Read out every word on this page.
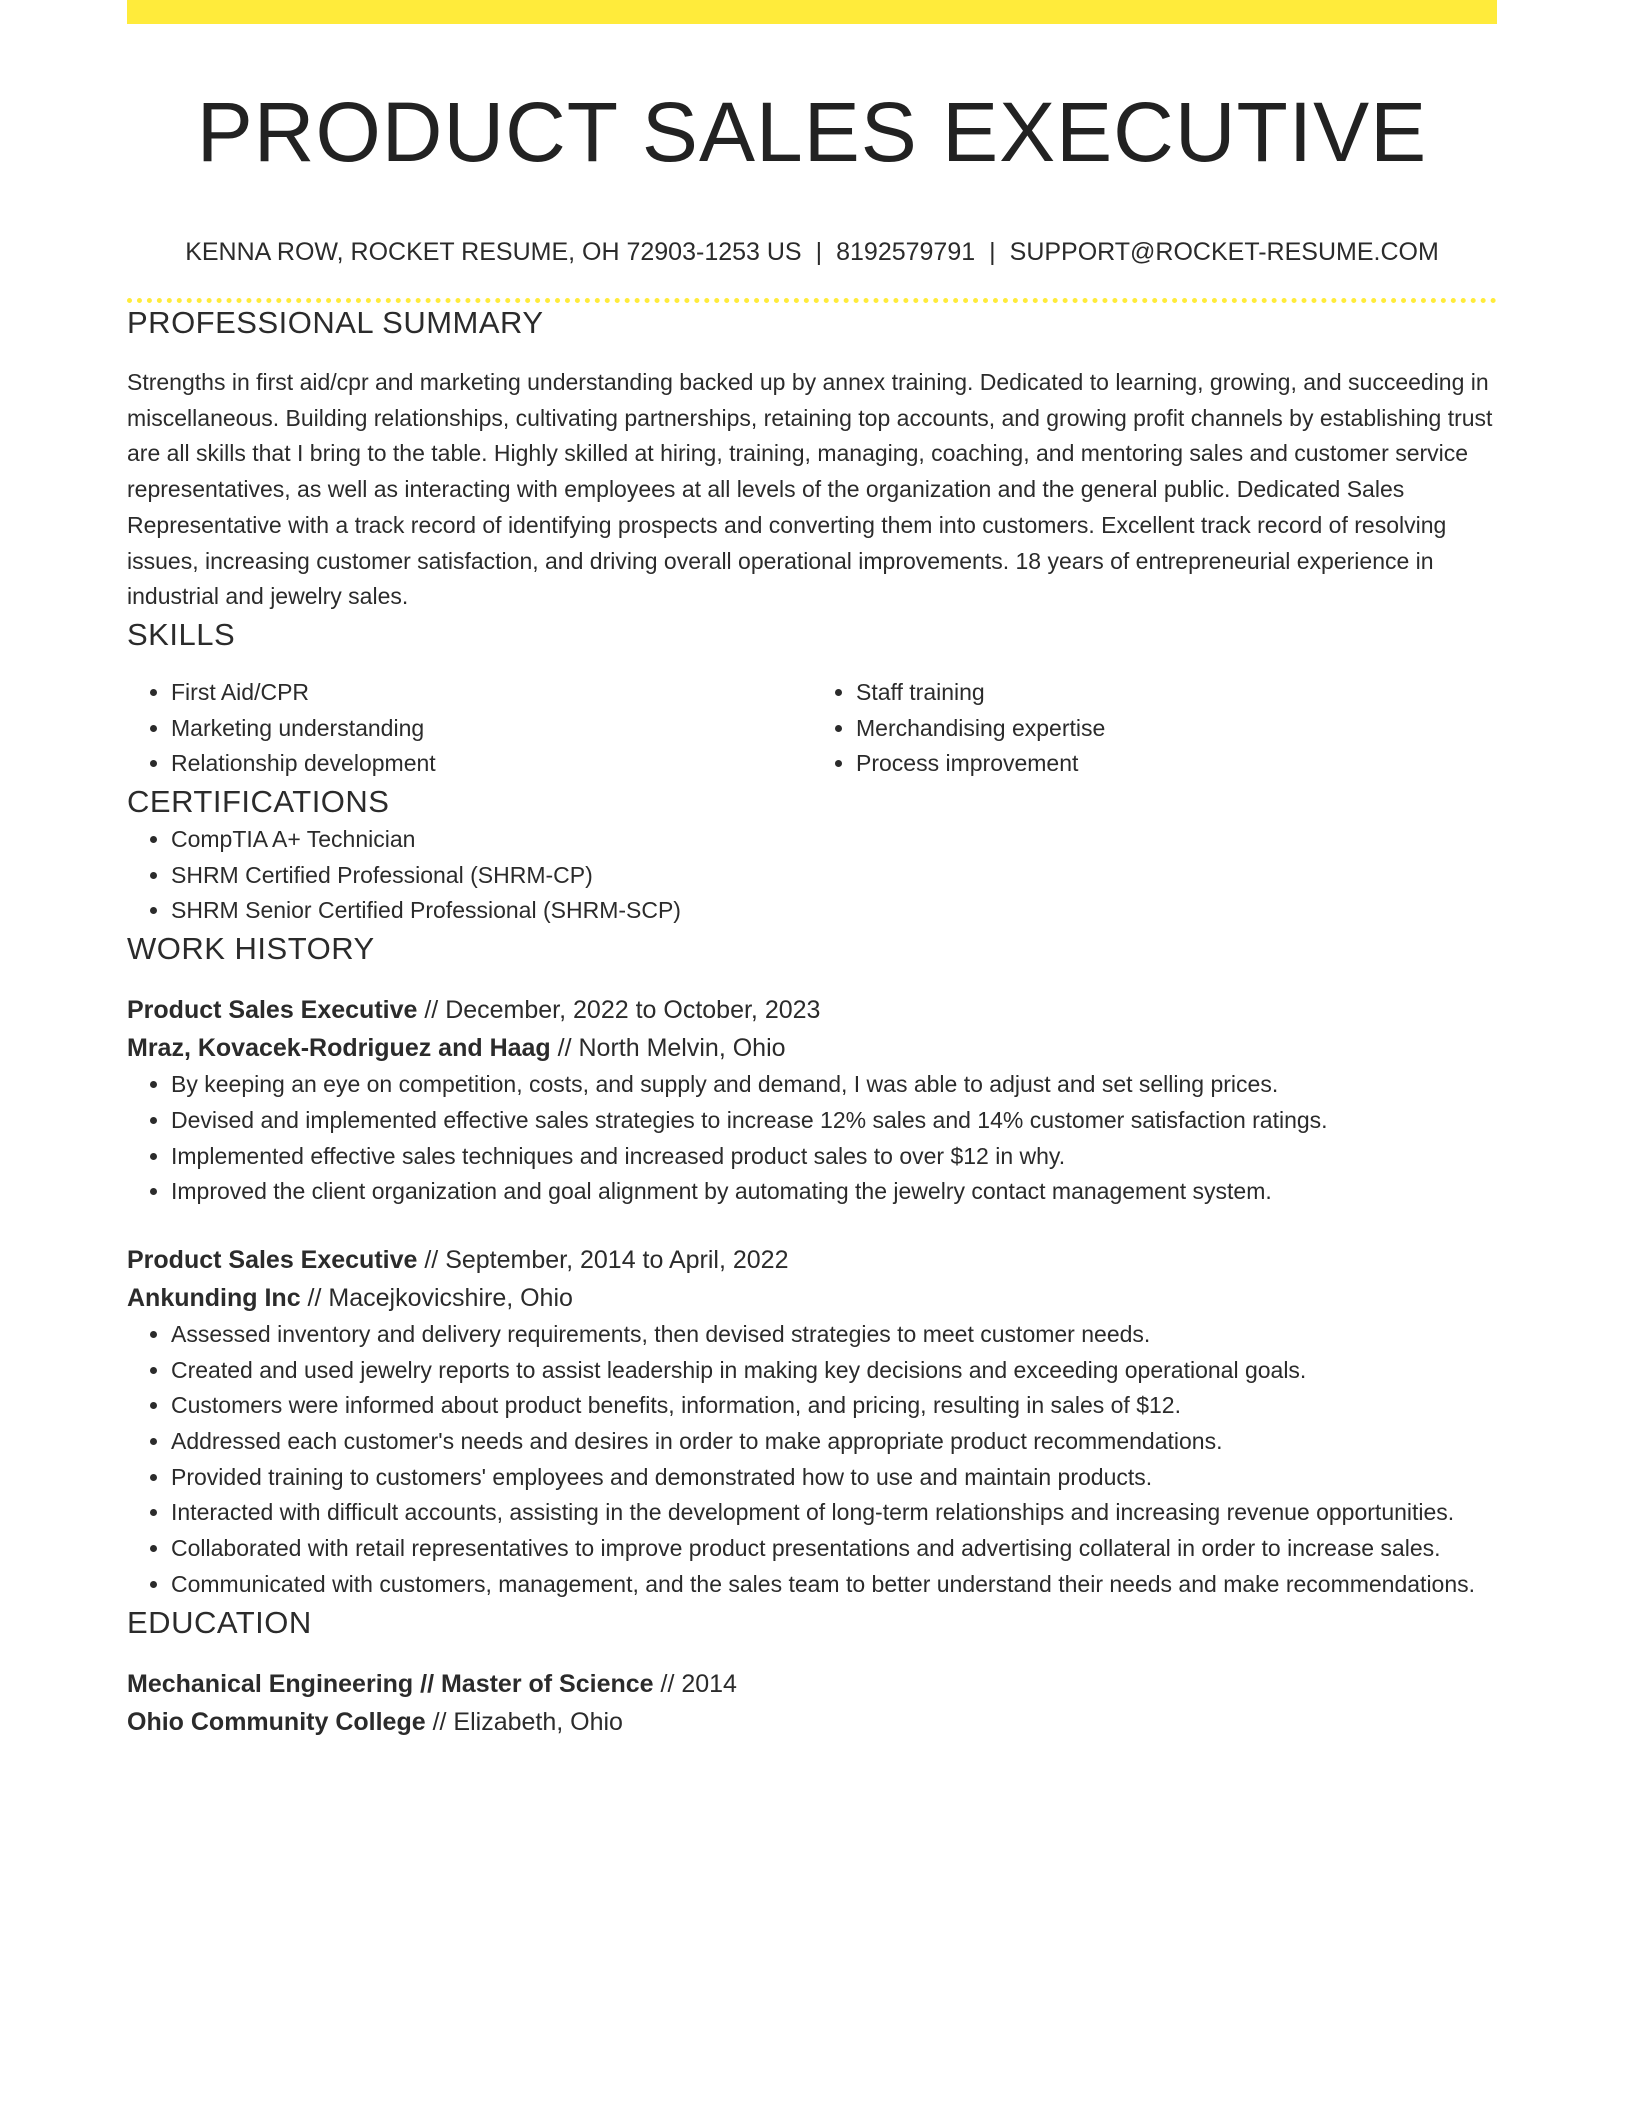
PRODUCT SALES EXECUTIVE
KENNA ROW, ROCKET RESUME, OH 72903-1253 US | 8192579791 | SUPPORT@ROCKET-RESUME.COM
PROFESSIONAL SUMMARY

Strengths in first aid/cpr and marketing understanding backed up by annex training. Dedicated to learning, growing, and succeeding in miscellaneous. Building relationships, cultivating partnerships, retaining top accounts, and growing profit channels by establishing trust are all skills that I bring to the table. Highly skilled at hiring, training, managing, coaching, and mentoring sales and customer service representatives, as well as interacting with employees at all levels of the organization and the general public. Dedicated Sales Representative with a track record of identifying prospects and converting them into customers. Excellent track record of resolving issues, increasing customer satisfaction, and driving overall operational improvements. 18 years of entrepreneurial experience in industrial and jewelry sales.

SKILLS
• First Aid/CPR
• Marketing understanding
• Relationship development
• Staff training
• Merchandising expertise
• Process improvement
CERTIFICATIONS
• CompTIA A+ Technician
• SHRM Certified Professional (SHRM-CP)
• SHRM Senior Certified Professional (SHRM-SCP)
WORK HISTORY
Product Sales Executive // December, 2022 to October, 2023
Mraz, Kovacek-Rodriguez and Haag // North Melvin, Ohio
• By keeping an eye on competition, costs, and supply and demand, I was able to adjust and set selling prices.
• Devised and implemented effective sales strategies to increase 12% sales and 14% customer satisfaction ratings.
• Implemented effective sales techniques and increased product sales to over $12 in why.
• Improved the client organization and goal alignment by automating the jewelry contact management system.
Product Sales Executive // September, 2014 to April, 2022
Ankunding Inc // Macejkovicshire, Ohio
• Assessed inventory and delivery requirements, then devised strategies to meet customer needs.
• Created and used jewelry reports to assist leadership in making key decisions and exceeding operational goals.
• Customers were informed about product benefits, information, and pricing, resulting in sales of $12.
• Addressed each customer's needs and desires in order to make appropriate product recommendations.
• Provided training to customers' employees and demonstrated how to use and maintain products.
• Interacted with difficult accounts, assisting in the development of long-term relationships and increasing revenue opportunities.
• Collaborated with retail representatives to improve product presentations and advertising collateral in order to increase sales.
• Communicated with customers, management, and the sales team to better understand their needs and make recommendations.
EDUCATION
Mechanical Engineering // Master of Science // 2014
Ohio Community College // Elizabeth, Ohio
